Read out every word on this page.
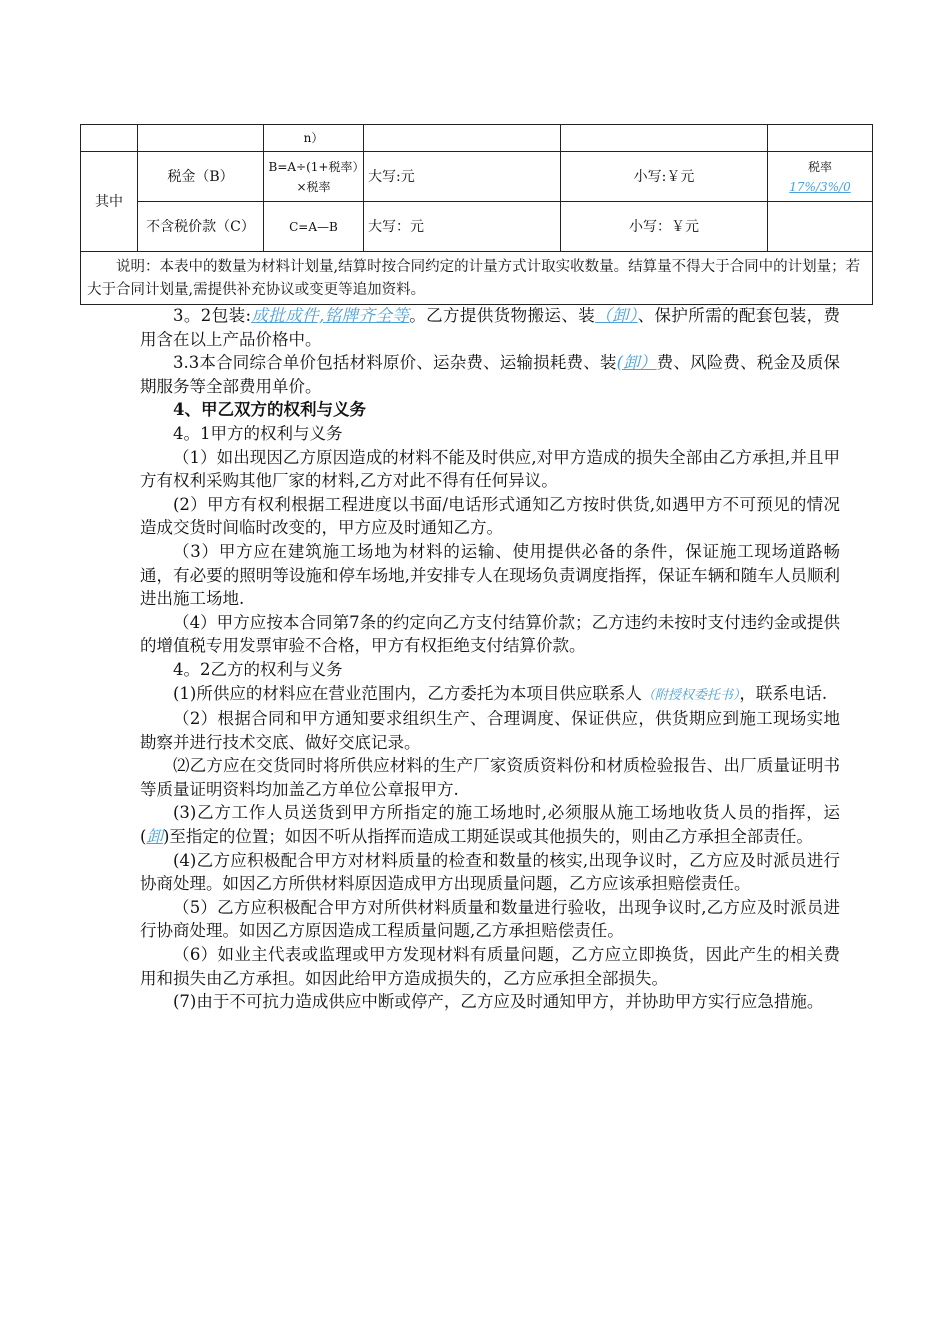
		n）			
其中	税金（B）	B=A÷(1+税率）×税率	大写:元	小写:￥元	税率
17%/3%/0

	不含税价款（C）	C=A—B	大写：元	小写：￥元	
说明：本表中的数量为材料计划量,结算时按合同约定的计量方式计取实收数量。结算量不得大于合同中的计划量；若大于合同计划量,需提供补充协议或变更等追加资料。					

3。2包装:成批成件,铭牌齐全等。乙方提供货物搬运、装（卸）、保护所需的配套包装，费用含在以上产品价格中。

3.3本合同综合单价包括材料原价、运杂费、运输损耗费、装(卸）费、风险费、税金及质保期服务等全部费用单价。

4、甲乙双方的权利与义务

4。1甲方的权利与义务

（1）如出现因乙方原因造成的材料不能及时供应,对甲方造成的损失全部由乙方承担,并且甲方有权利采购其他厂家的材料,乙方对此不得有任何异议。

(2）甲方有权利根据工程进度以书面/电话形式通知乙方按时供货,如遇甲方不可预见的情况造成交货时间临时改变的，甲方应及时通知乙方。

（3）甲方应在建筑施工场地为材料的运输、使用提供必备的条件，保证施工现场道路畅通，有必要的照明等设施和停车场地,并安排专人在现场负责调度指挥，保证车辆和随车人员顺利进出施工场地.

（4）甲方应按本合同第7条的约定向乙方支付结算价款；乙方违约未按时支付违约金或提供的增值税专用发票审验不合格，甲方有权拒绝支付结算价款。

4。2乙方的权利与义务

(1)所供应的材料应在营业范围内，乙方委托为本项目供应联系人（附授权委托书），联系电话.

（2）根据合同和甲方通知要求组织生产、合理调度、保证供应，供货期应到施工现场实地勘察并进行技术交底、做好交底记录。

⑵乙方应在交货同时将所供应材料的生产厂家资质资料份和材质检验报告、出厂质量证明书等质量证明资料均加盖乙方单位公章报甲方.

(3)乙方工作人员送货到甲方所指定的施工场地时,必须服从施工场地收货人员的指挥，运(卸)至指定的位置；如因不听从指挥而造成工期延误或其他损失的，则由乙方承担全部责任。

(4)乙方应积极配合甲方对材料质量的检查和数量的核实,出现争议时，乙方应及时派员进行协商处理。如因乙方所供材料原因造成甲方出现质量问题，乙方应该承担赔偿责任。

（5）乙方应积极配合甲方对所供材料质量和数量进行验收，出现争议时,乙方应及时派员进行协商处理。如因乙方原因造成工程质量问题,乙方承担赔偿责任。

（6）如业主代表或监理或甲方发现材料有质量问题，乙方应立即换货，因此产生的相关费用和损失由乙方承担。如因此给甲方造成损失的，乙方应承担全部损失。

(7)由于不可抗力造成供应中断或停产，乙方应及时通知甲方，并协助甲方实行应急措施。
